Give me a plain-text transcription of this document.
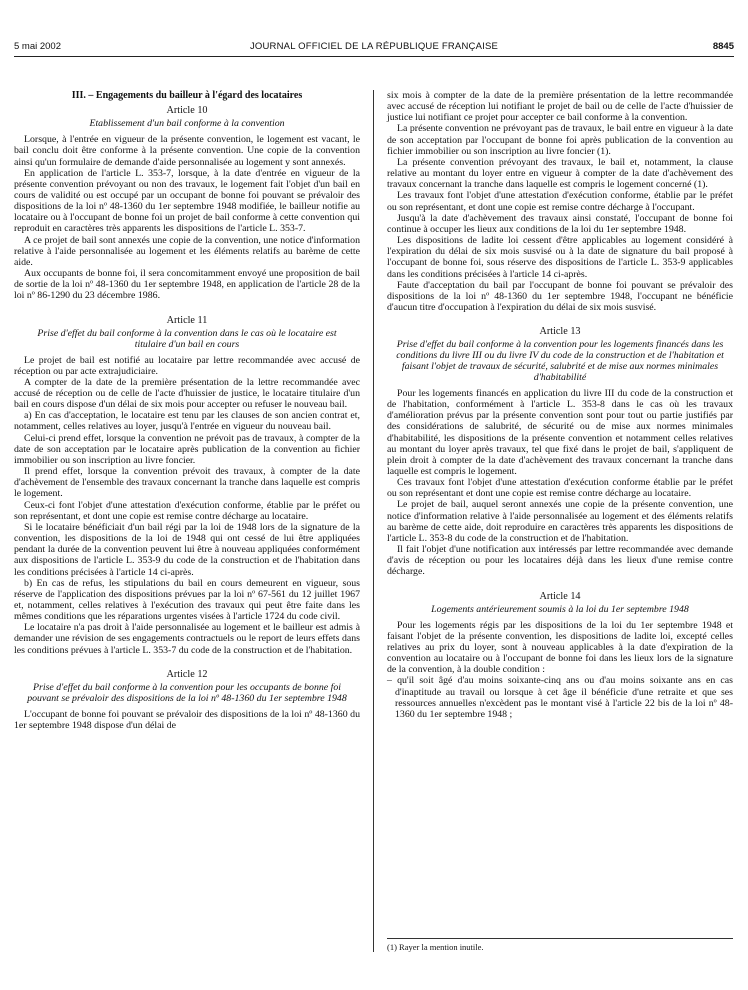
5 mai 2002	JOURNAL OFFICIEL DE LA RÉPUBLIQUE FRANÇAISE	8845
III. – Engagements du bailleur à l'égard des locataires
Article 10
Etablissement d'un bail conforme à la convention

Lorsque, à l'entrée en vigueur de la présente convention, le logement est vacant, le bail conclu doit être conforme à la présente convention. Une copie de la convention ainsi qu'un formulaire de demande d'aide personnalisée au logement y sont annexés.

En application de l'article L. 353-7, lorsque, à la date d'entrée en vigueur de la présente convention prévoyant ou non des travaux, le logement fait l'objet d'un bail en cours de validité ou est occupé par un occupant de bonne foi pouvant se prévaloir des dispositions de la loi nº 48-1360 du 1er septembre 1948 modifiée, le bailleur notifie au locataire ou à l'occupant de bonne foi un projet de bail conforme à cette convention qui reproduit en caractères très apparents les dispositions de l'article L. 353-7.

A ce projet de bail sont annexés une copie de la convention, une notice d'information relative à l'aide personnalisée au logement et les éléments relatifs au barème de cette aide.

Aux occupants de bonne foi, il sera concomitamment envoyé une proposition de bail de sortie de la loi nº 48-1360 du 1er septembre 1948, en application de l'article 28 de la loi nº 86-1290 du 23 décembre 1986.

Article 11
Prise d'effet du bail conforme à la convention dans le cas où le locataire est titulaire d'un bail en cours

Le projet de bail est notifié au locataire par lettre recommandée avec accusé de réception ou par acte extrajudiciaire.

A compter de la date de la première présentation de la lettre recommandée avec accusé de réception ou de celle de l'acte d'huissier de justice, le locataire titulaire d'un bail en cours dispose d'un délai de six mois pour accepter ou refuser le nouveau bail.

a) En cas d'acceptation, le locataire est tenu par les clauses de son ancien contrat et, notamment, celles relatives au loyer, jusqu'à l'entrée en vigueur du nouveau bail.

Celui-ci prend effet, lorsque la convention ne prévoit pas de travaux, à compter de la date de son acceptation par le locataire après publication de la convention au fichier immobilier ou son inscription au livre foncier.

Il prend effet, lorsque la convention prévoit des travaux, à compter de la date d'achèvement de l'ensemble des travaux concernant la tranche dans laquelle est compris le logement.

Ceux-ci font l'objet d'une attestation d'exécution conforme, établie par le préfet ou son représentant, et dont une copie est remise contre décharge au locataire.

Si le locataire bénéficiait d'un bail régi par la loi de 1948 lors de la signature de la convention, les dispositions de la loi de 1948 qui ont cessé de lui être appliquées pendant la durée de la convention peuvent lui être à nouveau appliquées conformément aux dispositions de l'article L. 353-9 du code de la construction et de l'habitation dans les conditions précisées à l'article 14 ci-après.

b) En cas de refus, les stipulations du bail en cours demeurent en vigueur, sous réserve de l'application des dispositions prévues par la loi nº 67-561 du 12 juillet 1967 et, notamment, celles relatives à l'exécution des travaux qui peut être faite dans les mêmes conditions que les réparations urgentes visées à l'article 1724 du code civil.

Le locataire n'a pas droit à l'aide personnalisée au logement et le bailleur est admis à demander une révision de ses engagements contractuels ou le report de leurs effets dans les conditions prévues à l'article L. 353-7 du code de la construction et de l'habitation.

Article 12
Prise d'effet du bail conforme à la convention pour les occupants de bonne foi pouvant se prévaloir des dispositions de la loi nº 48-1360 du 1er septembre 1948

L'occupant de bonne foi pouvant se prévaloir des dispositions de la loi nº 48-1360 du 1er septembre 1948 dispose d'un délai de

six mois à compter de la date de la première présentation de la lettre recommandée avec accusé de réception lui notifiant le projet de bail ou de celle de l'acte d'huissier de justice lui notifiant ce projet pour accepter ce bail conforme à la convention.

La présente convention ne prévoyant pas de travaux, le bail entre en vigueur à la date de son acceptation par l'occupant de bonne foi après publication de la convention au fichier immobilier ou son inscription au livre foncier (1).

La présente convention prévoyant des travaux, le bail et, notamment, la clause relative au montant du loyer entre en vigueur à compter de la date d'achèvement des travaux concernant la tranche dans laquelle est compris le logement concerné (1).

Les travaux font l'objet d'une attestation d'exécution conforme, établie par le préfet ou son représentant, et dont une copie est remise contre décharge à l'occupant.

Jusqu'à la date d'achèvement des travaux ainsi constaté, l'occupant de bonne foi continue à occuper les lieux aux conditions de la loi du 1er septembre 1948.

Les dispositions de ladite loi cessent d'être applicables au logement considéré à l'expiration du délai de six mois susvisé ou à la date de signature du bail proposé à l'occupant de bonne foi, sous réserve des dispositions de l'article L. 353-9 applicables dans les conditions précisées à l'article 14 ci-après.

Faute d'acceptation du bail par l'occupant de bonne foi pouvant se prévaloir des dispositions de la loi nº 48-1360 du 1er septembre 1948, l'occupant ne bénéficie d'aucun titre d'occupation à l'expiration du délai de six mois susvisé.

Article 13
Prise d'effet du bail conforme à la convention pour les logements financés dans les conditions du livre III ou du livre IV du code de la construction et de l'habitation et faisant l'objet de travaux de sécurité, salubrité et de mise aux normes minimales d'habitabilité

Pour les logements financés en application du livre III du code de la construction et de l'habitation, conformément à l'article L. 353-8 dans le cas où les travaux d'amélioration prévus par la présente convention sont pour tout ou partie justifiés par des considérations de salubrité, de sécurité ou de mise aux normes minimales d'habitabilité, les dispositions de la présente convention et notamment celles relatives au montant du loyer après travaux, tel que fixé dans le projet de bail, s'appliquent de plein droit à compter de la date d'achèvement des travaux concernant la tranche dans laquelle est compris le logement.

Ces travaux font l'objet d'une attestation d'exécution conforme établie par le préfet ou son représentant et dont une copie est remise contre décharge au locataire.

Le projet de bail, auquel seront annexés une copie de la présente convention, une notice d'information relative à l'aide personnalisée au logement et des éléments relatifs au barème de cette aide, doit reproduire en caractères très apparents les dispositions de l'article L. 353-8 du code de la construction et de l'habitation.

Il fait l'objet d'une notification aux intéressés par lettre recommandée avec demande d'avis de réception ou pour les locataires déjà dans les lieux d'une remise contre décharge.

Article 14
Logements antérieurement soumis à la loi du 1er septembre 1948

Pour les logements régis par les dispositions de la loi du 1er septembre 1948 et faisant l'objet de la présente convention, les dispositions de ladite loi, excepté celles relatives au prix du loyer, sont à nouveau applicables à la date d'expiration de la convention au locataire ou à l'occupant de bonne foi dans les lieux lors de la signature de la convention, à la double condition :

– qu'il soit âgé d'au moins soixante-cinq ans ou d'au moins soixante ans en cas d'inaptitude au travail ou lorsque à cet âge il bénéficie d'une retraite et que ses ressources annuelles n'excèdent pas le montant visé à l'article 22 bis de la loi nº 48-1360 du 1er septembre 1948 ;

(1) Rayer la mention inutile.
